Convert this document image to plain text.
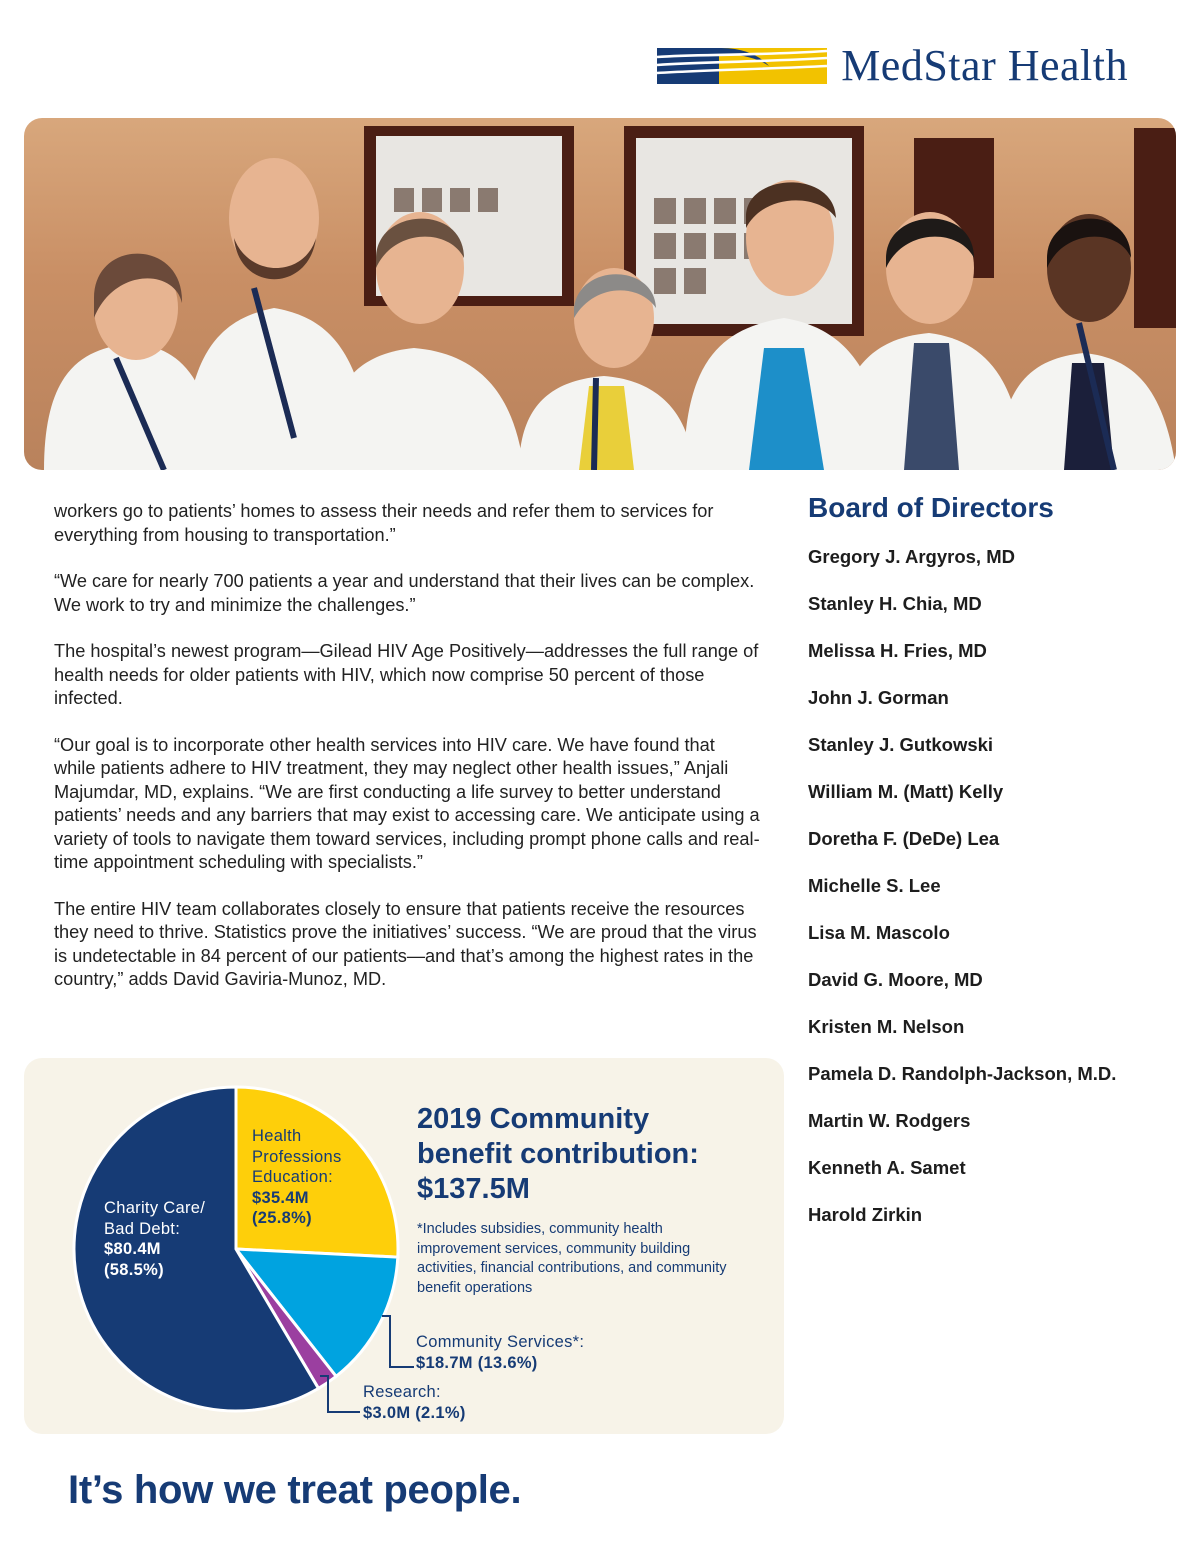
MedStar Health

workers go to patients’ homes to assess their needs and refer them to services for everything from housing to transportation.”

“We care for nearly 700 patients a year and understand that their lives can be complex. We work to try and minimize the challenges.”

The hospital’s newest program—Gilead HIV Age Positively—addresses the full range of health needs for older patients with HIV, which now comprise 50 percent of those infected.

“Our goal is to incorporate other health services into HIV care. We have found that while patients adhere to HIV treatment, they may neglect other health issues,” Anjali Majumdar, MD, explains. “We are first conducting a life survey to better understand patients’ needs and any barriers that may exist to accessing care. We anticipate using a variety of tools to navigate them toward services, including prompt phone calls and real-time appointment scheduling with specialists.”

The entire HIV team collaborates closely to ensure that patients receive the resources they need to thrive. Statistics prove the initiatives’ success. “We are proud that the virus is undetectable in 84 percent of our patients—and that’s among the highest rates in the country,” adds David Gaviria-Munoz, MD.

Board of Directors
Gregory J. Argyros, MD
Stanley H. Chia, MD
Melissa H. Fries, MD
John J. Gorman
Stanley J. Gutkowski
William M. (Matt) Kelly
Doretha F. (DeDe) Lea
Michelle S. Lee
Lisa M. Mascolo
David G. Moore, MD
Kristen M. Nelson
Pamela D. Randolph-Jackson, M.D.
Martin W. Rodgers
Kenneth A. Samet
Harold Zirkin
Health
Professions
Education:
$35.4M
(25.8%)
Charity Care/
Bad Debt:
$80.4M
(58.5%)
Community Services*:
$18.7M (13.6%)
Research:
$3.0M (2.1%)
2019 Community
benefit contribution:
$137.5M

*Includes subsidies, community health improvement services, community building activities, financial contributions, and community benefit operations

It’s how we treat people.
